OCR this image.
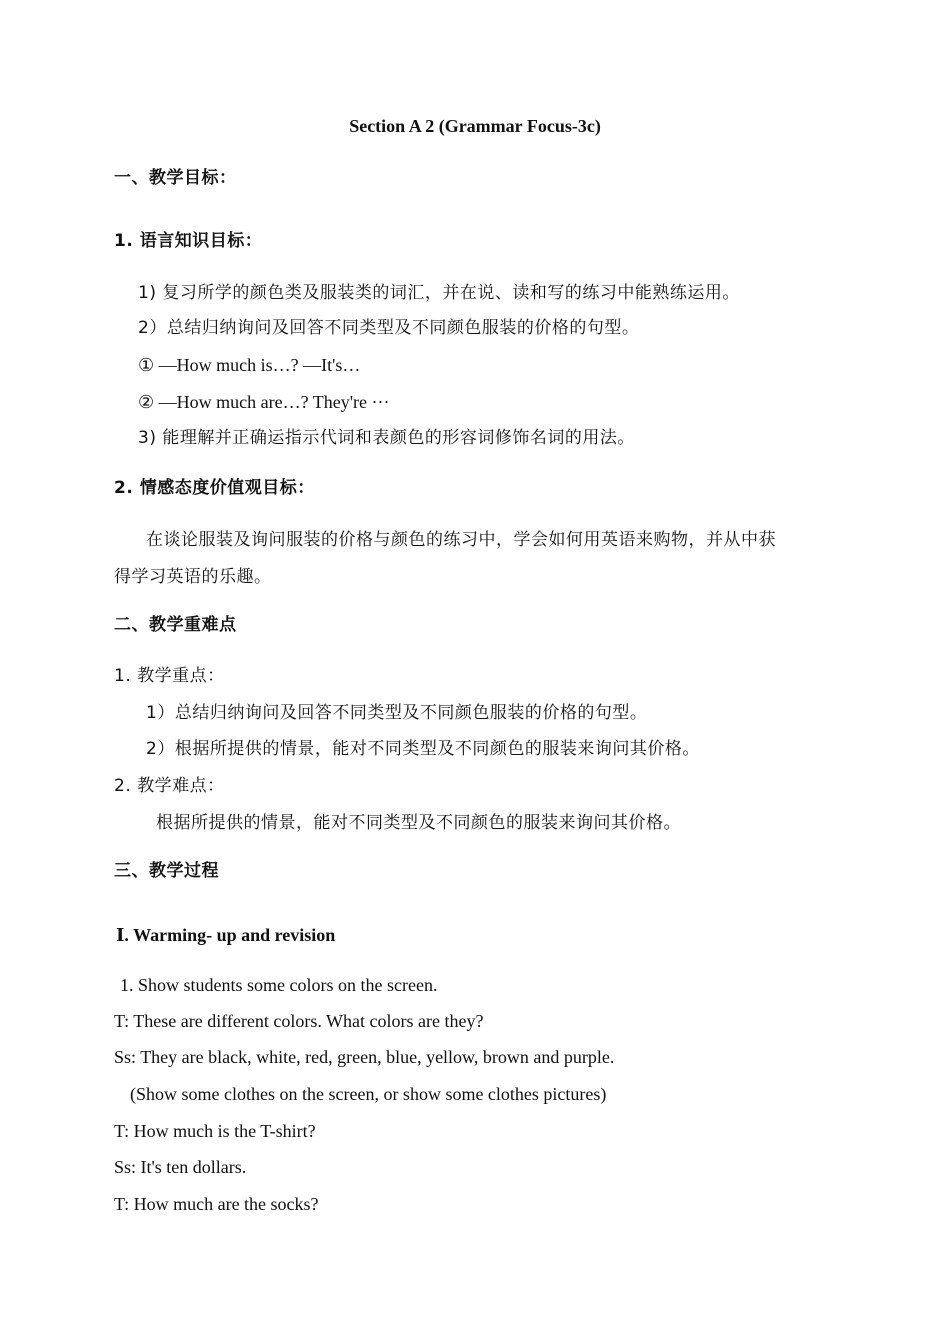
Section A 2 (Grammar Focus-3c)
一、教学目标：
1. 语言知识目标：
1) 复习所学的颜色类及服装类的词汇，并在说、读和写的练习中能熟练运用。
2）总结归纳询问及回答不同类型及不同颜色服装的价格的句型。
① —How much is…? —It's…
② —How much are…? They're ···
3) 能理解并正确运指示代词和表颜色的形容词修饰名词的用法。
2. 情感态度价值观目标：
在谈论服装及询问服装的价格与颜色的练习中，学会如何用英语来购物，并从中获
得学习英语的乐趣。
二、教学重难点
1. 教学重点：
1）总结归纳询问及回答不同类型及不同颜色服装的价格的句型。
2）根据所提供的情景，能对不同类型及不同颜色的服装来询问其价格。
2. 教学难点：
根据所提供的情景，能对不同类型及不同颜色的服装来询问其价格。
三、教学过程
Ⅰ. Warming- up and revision
1. Show students some colors on the screen.
T: These are different colors. What colors are they?
Ss: They are black, white, red, green, blue, yellow, brown and purple.
(Show some clothes on the screen, or show some clothes pictures)
T: How much is the T-shirt?
Ss: It's ten dollars.
T: How much are the socks?
